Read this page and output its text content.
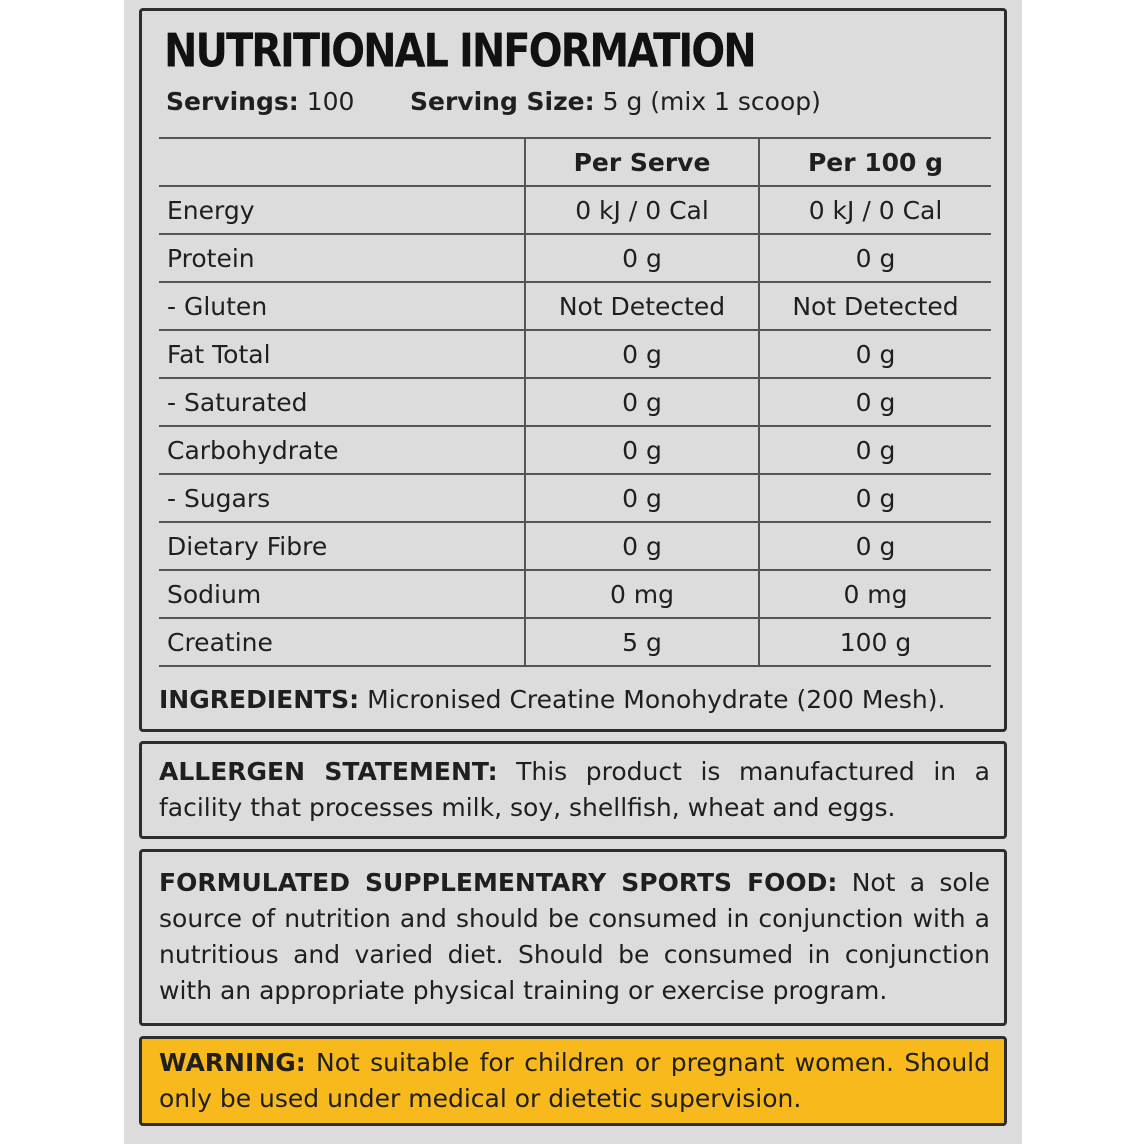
NUTRITIONAL INFORMATION
Servings: 100 Serving Size: 5 g (mix 1 scoop)
	Per Serve	Per 100 g
Energy	0 kJ / 0 Cal	0 kJ / 0 Cal
Protein	0 g	0 g
- Gluten	Not Detected	Not Detected
Fat Total	0 g	0 g
- Saturated	0 g	0 g
Carbohydrate	0 g	0 g
- Sugars	0 g	0 g
Dietary Fibre	0 g	0 g
Sodium	0 mg	0 mg
Creatine	5 g	100 g
INGREDIENTS: Micronised Creatine Monohydrate (200 Mesh).
ALLERGEN STATEMENT: This product is manufactured in a facility that processes milk, soy, shellfish, wheat and eggs.
FORMULATED SUPPLEMENTARY SPORTS FOOD: Not a sole source of nutrition and should be consumed in conjunction with a nutritious and varied diet. Should be consumed in conjunction with an appropriate physical training or exercise program.
WARNING: Not suitable for children or pregnant women. Should only be used under medical or dietetic supervision.
